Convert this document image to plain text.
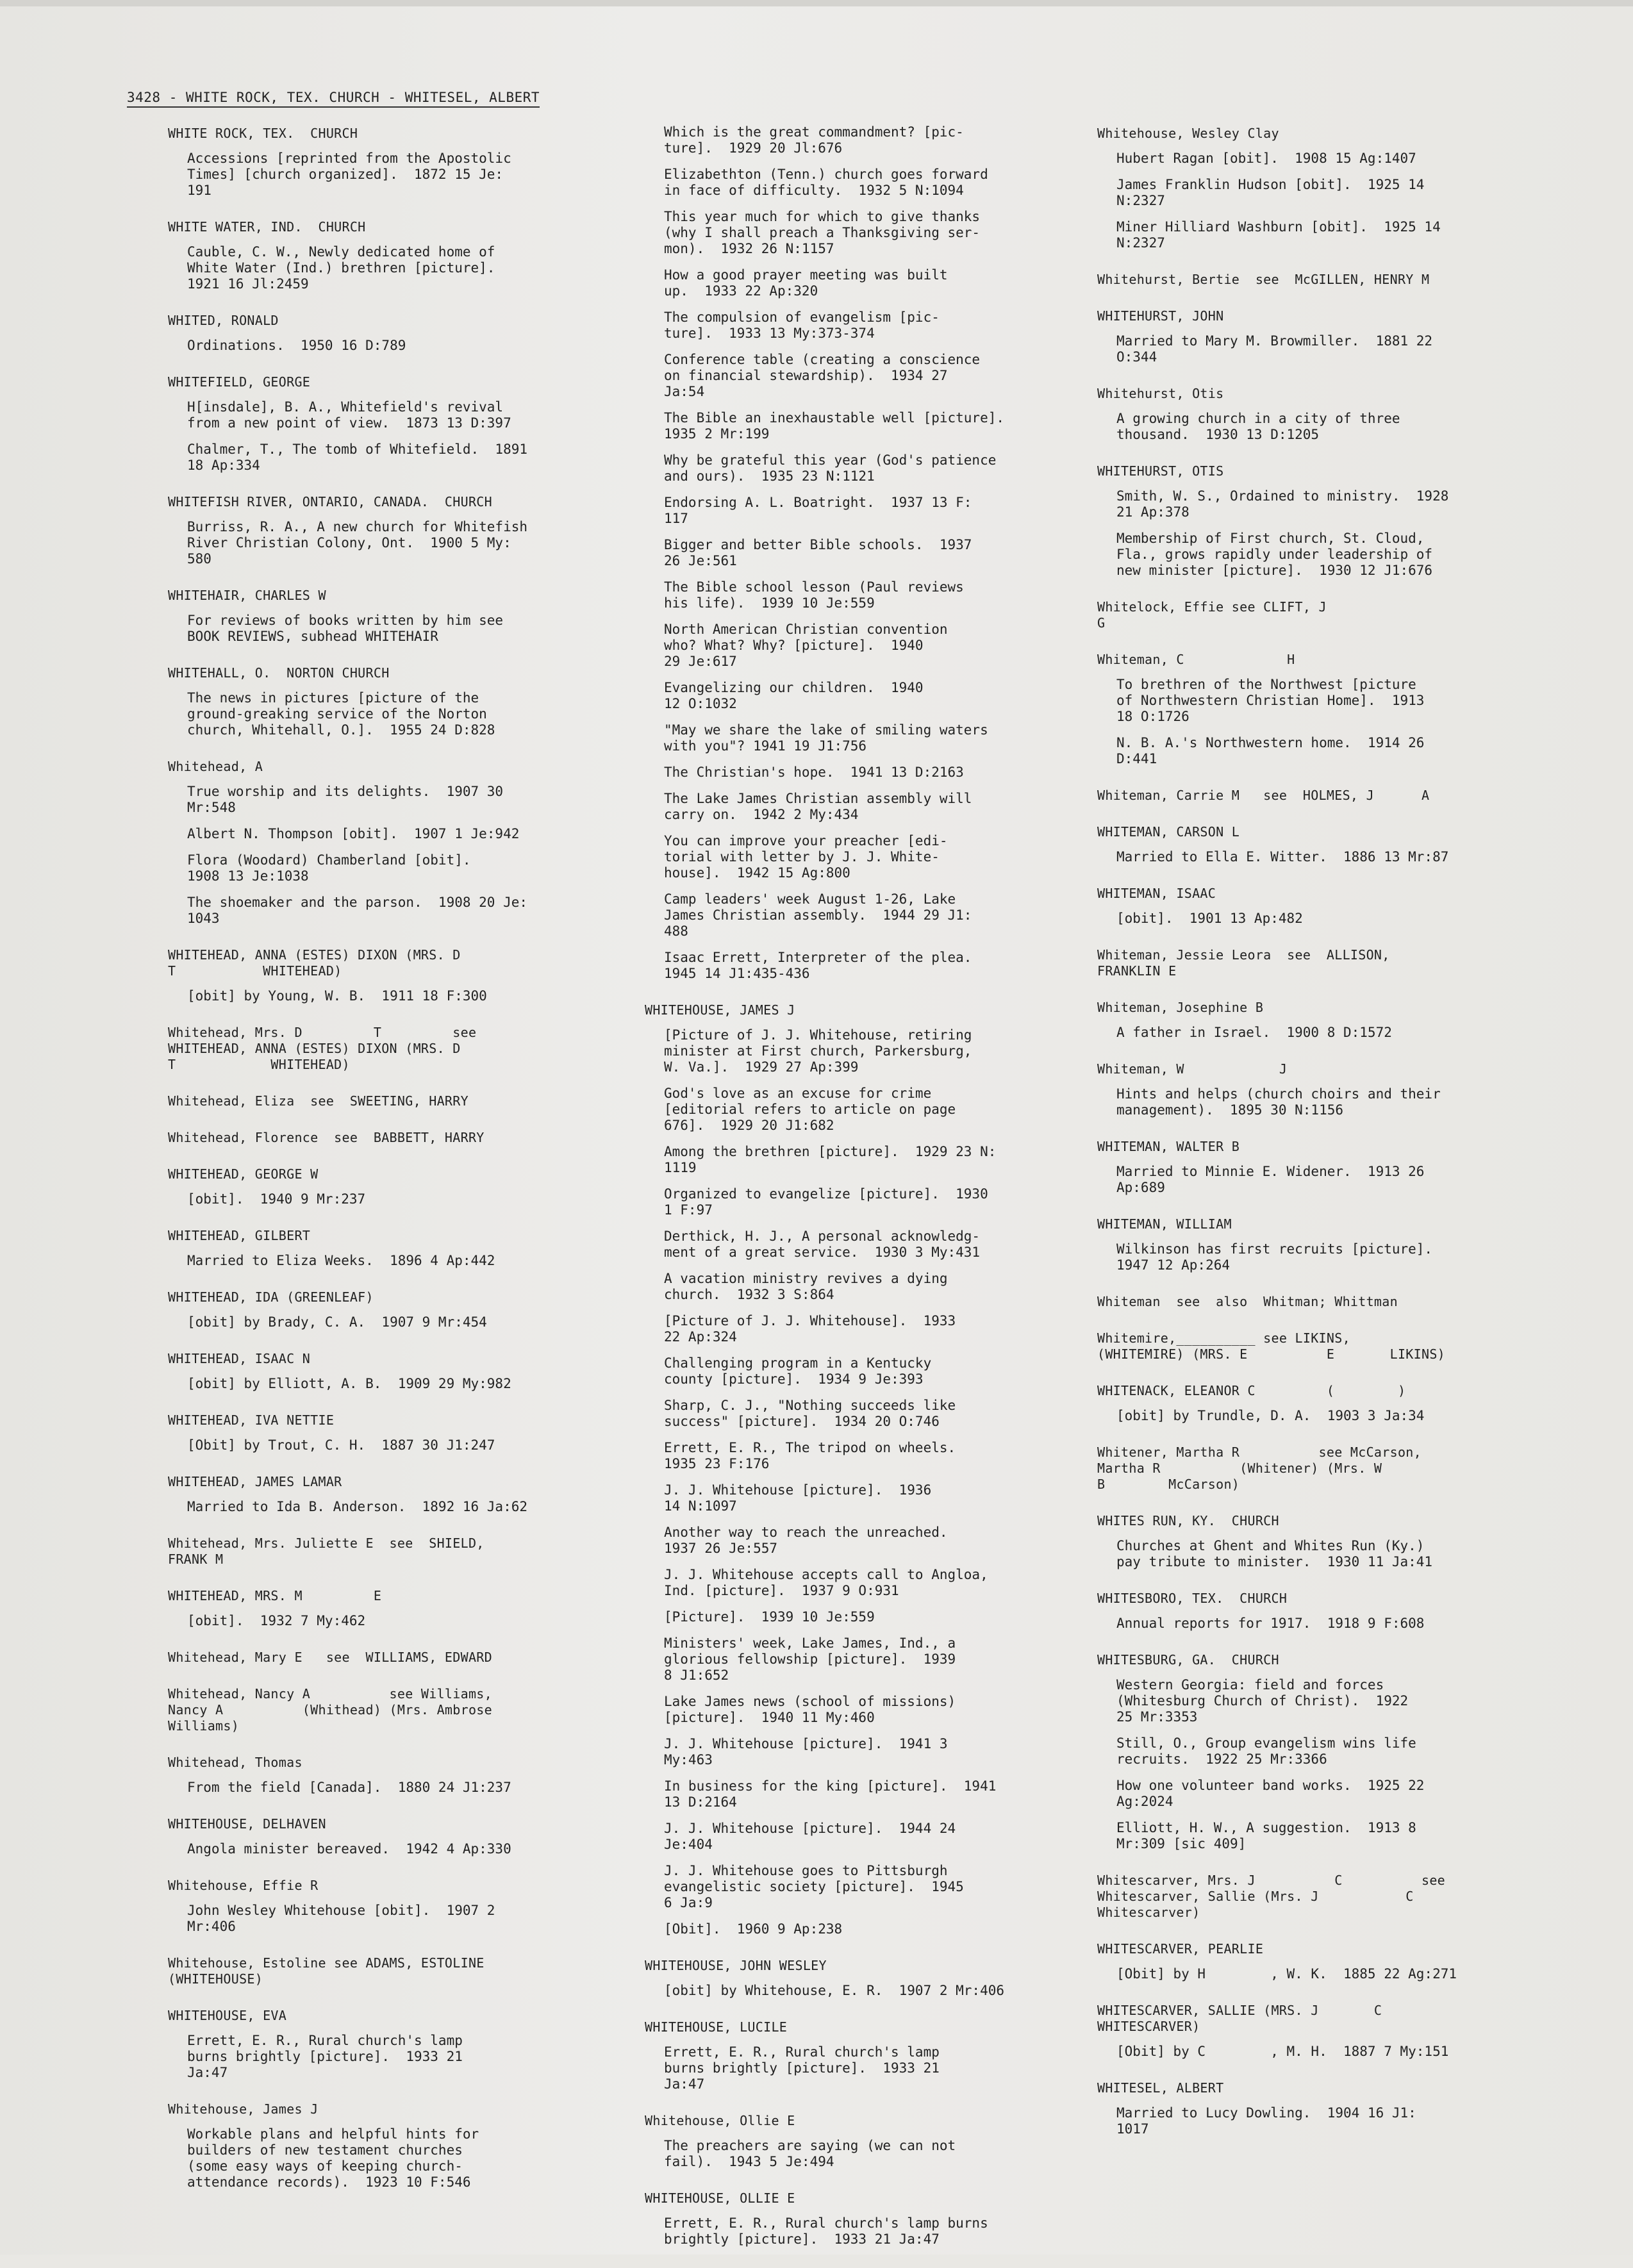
3428 - WHITE ROCK, TEX. CHURCH - WHITESEL, ALBERT
WHITE ROCK, TEX.  CHURCH
Accessions [reprinted from the Apostolic
Times] [church organized].  1872 15 Je:
191
WHITE WATER, IND.  CHURCH
Cauble, C. W., Newly dedicated home of
White Water (Ind.) brethren [picture].
1921 16 Jl:2459
WHITED, RONALD
Ordinations.  1950 16 D:789
WHITEFIELD, GEORGE
H[insdale], B. A., Whitefield's revival
from a new point of view.  1873 13 D:397
Chalmer, T., The tomb of Whitefield.  1891
18 Ap:334
WHITEFISH RIVER, ONTARIO, CANADA.  CHURCH
Burriss, R. A., A new church for Whitefish
River Christian Colony, Ont.  1900 5 My:
580
WHITEHAIR, CHARLES W
For reviews of books written by him see
BOOK REVIEWS, subhead WHITEHAIR
WHITEHALL, O.  NORTON CHURCH
The news in pictures [picture of the
ground-greaking service of the Norton
church, Whitehall, O.].  1955 24 D:828
Whitehead, A
True worship and its delights.  1907 30
Mr:548
Albert N. Thompson [obit].  1907 1 Je:942
Flora (Woodard) Chamberland [obit].
1908 13 Je:1038
The shoemaker and the parson.  1908 20 Je:
1043
WHITEHEAD, ANNA (ESTES) DIXON (MRS. D
T           WHITEHEAD)
[obit] by Young, W. B.  1911 18 F:300
Whitehead, Mrs. D         T         see
WHITEHEAD, ANNA (ESTES) DIXON (MRS. D
T            WHITEHEAD)
Whitehead, Eliza  see  SWEETING, HARRY
Whitehead, Florence  see  BABBETT, HARRY
WHITEHEAD, GEORGE W
[obit].  1940 9 Mr:237
WHITEHEAD, GILBERT
Married to Eliza Weeks.  1896 4 Ap:442
WHITEHEAD, IDA (GREENLEAF)
[obit] by Brady, C. A.  1907 9 Mr:454
WHITEHEAD, ISAAC N
[obit] by Elliott, A. B.  1909 29 My:982
WHITEHEAD, IVA NETTIE
[Obit] by Trout, C. H.  1887 30 J1:247
WHITEHEAD, JAMES LAMAR
Married to Ida B. Anderson.  1892 16 Ja:62
Whitehead, Mrs. Juliette E  see  SHIELD,
FRANK M
WHITEHEAD, MRS. M         E
[obit].  1932 7 My:462
Whitehead, Mary E   see  WILLIAMS, EDWARD
Whitehead, Nancy A          see Williams,
Nancy A          (Whithead) (Mrs. Ambrose
Williams)
Whitehead, Thomas
From the field [Canada].  1880 24 J1:237
WHITEHOUSE, DELHAVEN
Angola minister bereaved.  1942 4 Ap:330
Whitehouse, Effie R
John Wesley Whitehouse [obit].  1907 2
Mr:406
Whitehouse, Estoline see ADAMS, ESTOLINE
(WHITEHOUSE)
WHITEHOUSE, EVA
Errett, E. R., Rural church's lamp
burns brightly [picture].  1933 21
Ja:47
Whitehouse, James J
Workable plans and helpful hints for
builders of new testament churches
(some easy ways of keeping church-
attendance records).  1923 10 F:546
Which is the great commandment? [pic-
ture].  1929 20 Jl:676
Elizabethton (Tenn.) church goes forward
in face of difficulty.  1932 5 N:1094
This year much for which to give thanks
(why I shall preach a Thanksgiving ser-
mon).  1932 26 N:1157
How a good prayer meeting was built
up.  1933 22 Ap:320
The compulsion of evangelism [pic-
ture].  1933 13 My:373-374
Conference table (creating a conscience
on financial stewardship).  1934 27
Ja:54
The Bible an inexhaustable well [picture].
1935 2 Mr:199
Why be grateful this year (God's patience
and ours).  1935 23 N:1121
Endorsing A. L. Boatright.  1937 13 F:
117
Bigger and better Bible schools.  1937
26 Je:561
The Bible school lesson (Paul reviews
his life).  1939 10 Je:559
North American Christian convention
who? What? Why? [picture].  1940
29 Je:617
Evangelizing our children.  1940
12 O:1032
"May we share the lake of smiling waters
with you"? 1941 19 J1:756
The Christian's hope.  1941 13 D:2163
The Lake James Christian assembly will
carry on.  1942 2 My:434
You can improve your preacher [edi-
torial with letter by J. J. White-
house].  1942 15 Ag:800
Camp leaders' week August 1-26, Lake
James Christian assembly.  1944 29 J1:
488
Isaac Errett, Interpreter of the plea.
1945 14 J1:435-436
WHITEHOUSE, JAMES J
[Picture of J. J. Whitehouse, retiring
minister at First church, Parkersburg,
W. Va.].  1929 27 Ap:399
God's love as an excuse for crime
[editorial refers to article on page
676].  1929 20 J1:682
Among the brethren [picture].  1929 23 N:
1119
Organized to evangelize [picture].  1930
1 F:97
Derthick, H. J., A personal acknowledg-
ment of a great service.  1930 3 My:431
A vacation ministry revives a dying
church.  1932 3 S:864
[Picture of J. J. Whitehouse].  1933
22 Ap:324
Challenging program in a Kentucky
county [picture].  1934 9 Je:393
Sharp, C. J., "Nothing succeeds like
success" [picture].  1934 20 O:746
Errett, E. R., The tripod on wheels.
1935 23 F:176
J. J. Whitehouse [picture].  1936
14 N:1097
Another way to reach the unreached.
1937 26 Je:557
J. J. Whitehouse accepts call to Angloa,
Ind. [picture].  1937 9 O:931
[Picture].  1939 10 Je:559
Ministers' week, Lake James, Ind., a
glorious fellowship [picture].  1939
8 J1:652
Lake James news (school of missions)
[picture].  1940 11 My:460
J. J. Whitehouse [picture].  1941 3
My:463
In business for the king [picture].  1941
13 D:2164
J. J. Whitehouse [picture].  1944 24
Je:404
J. J. Whitehouse goes to Pittsburgh
evangelistic society [picture].  1945
6 Ja:9
[Obit].  1960 9 Ap:238
WHITEHOUSE, JOHN WESLEY
[obit] by Whitehouse, E. R.  1907 2 Mr:406
WHITEHOUSE, LUCILE
Errett, E. R., Rural church's lamp
burns brightly [picture].  1933 21
Ja:47
Whitehouse, Ollie E
The preachers are saying (we can not
fail).  1943 5 Je:494
WHITEHOUSE, OLLIE E
Errett, E. R., Rural church's lamp burns
brightly [picture].  1933 21 Ja:47
Whitehouse, Wesley Clay
Hubert Ragan [obit].  1908 15 Ag:1407
James Franklin Hudson [obit].  1925 14
N:2327
Miner Hilliard Washburn [obit].  1925 14
N:2327
Whitehurst, Bertie  see  McGILLEN, HENRY M
WHITEHURST, JOHN
Married to Mary M. Browmiller.  1881 22
O:344
Whitehurst, Otis
A growing church in a city of three
thousand.  1930 13 D:1205
WHITEHURST, OTIS
Smith, W. S., Ordained to ministry.  1928
21 Ap:378
Membership of First church, St. Cloud,
Fla., grows rapidly under leadership of
new minister [picture].  1930 12 J1:676
Whitelock, Effie see CLIFT, J
G
Whiteman, C             H
To brethren of the Northwest [picture
of Northwestern Christian Home].  1913
18 O:1726
N. B. A.'s Northwestern home.  1914 26
D:441
Whiteman, Carrie M   see  HOLMES, J      A
WHITEMAN, CARSON L
Married to Ella E. Witter.  1886 13 Mr:87
WHITEMAN, ISAAC
[obit].  1901 13 Ap:482
Whiteman, Jessie Leora  see  ALLISON,
FRANKLIN E
Whiteman, Josephine B
A father in Israel.  1900 8 D:1572
Whiteman, W            J
Hints and helps (church choirs and their
management).  1895 30 N:1156
WHITEMAN, WALTER B
Married to Minnie E. Widener.  1913 26
Ap:689
WHITEMAN, WILLIAM
Wilkinson has first recruits [picture].
1947 12 Ap:264
Whiteman  see  also  Whitman; Whittman
Whitemire,__________ see LIKINS,
(WHITEMIRE) (MRS. E          E       LIKINS)
WHITENACK, ELEANOR C         (        )
[obit] by Trundle, D. A.  1903 3 Ja:34
Whitener, Martha R          see McCarson,
Martha R          (Whitener) (Mrs. W
B        McCarson)
WHITES RUN, KY.  CHURCH
Churches at Ghent and Whites Run (Ky.)
pay tribute to minister.  1930 11 Ja:41
WHITESBORO, TEX.  CHURCH
Annual reports for 1917.  1918 9 F:608
WHITESBURG, GA.  CHURCH
Western Georgia: field and forces
(Whitesburg Church of Christ).  1922
25 Mr:3353
Still, O., Group evangelism wins life
recruits.  1922 25 Mr:3366
How one volunteer band works.  1925 22
Ag:2024
Elliott, H. W., A suggestion.  1913 8
Mr:309 [sic 409]
Whitescarver, Mrs. J          C          see
Whitescarver, Sallie (Mrs. J           C
Whitescarver)
WHITESCARVER, PEARLIE
[Obit] by H        , W. K.  1885 22 Ag:271
WHITESCARVER, SALLIE (MRS. J       C
WHITESCARVER)
[Obit] by C        , M. H.  1887 7 My:151
WHITESEL, ALBERT
Married to Lucy Dowling.  1904 16 J1:
1017
